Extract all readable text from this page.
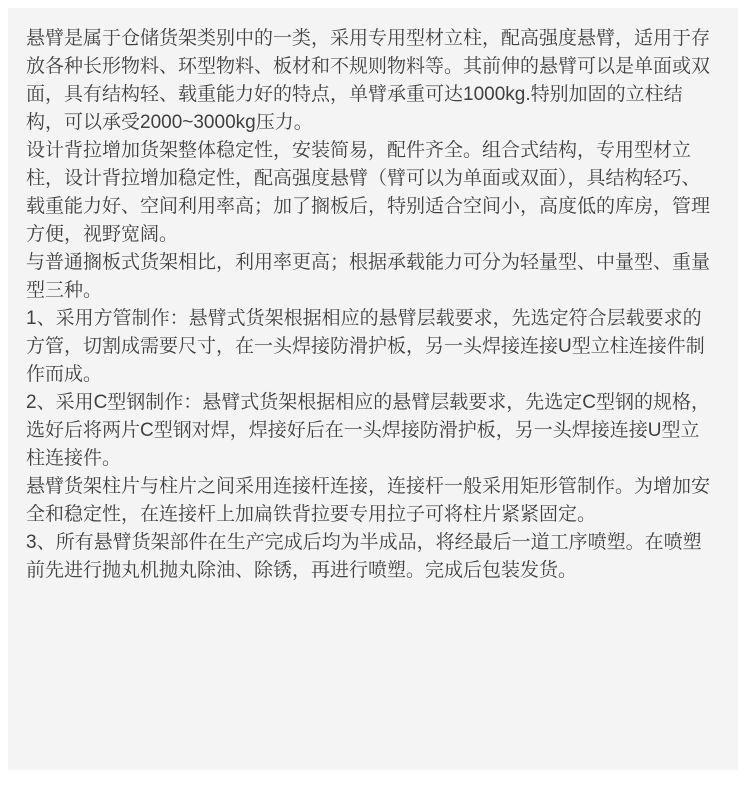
悬臂是属于仓储货架类别中的一类，采用专用型材立柱，配高强度悬臂，适用于存放各种长形物料、环型物料、板材和不规则物料等。其前伸的悬臂可以是单面或双面，具有结构轻、载重能力好的特点，单臂承重可达1000kg.特别加固的立柱结构，可以承受2000~3000kg压力。

设计背拉增加货架整体稳定性，安装简易，配件齐全。组合式结构，专用型材立柱，设计背拉增加稳定性，配高强度悬臂（臂可以为单面或双面），具结构轻巧、载重能力好、空间利用率高；加了搁板后，特别适合空间小，高度低的库房，管理方便，视野宽阔。

与普通搁板式货架相比，利用率更高；根据承载能力可分为轻量型、中量型、重量型三种。

1、采用方管制作：悬臂式货架根据相应的悬臂层载要求，先选定符合层载要求的方管，切割成需要尺寸，在一头焊接防滑护板，另一头焊接连接U型立柱连接件制作而成。

2、采用C型钢制作：悬臂式货架根据相应的悬臂层载要求，先选定C型钢的规格，选好后将两片C型钢对焊，焊接好后在一头焊接防滑护板，另一头焊接连接U型立柱连接件。

悬臂货架柱片与柱片之间采用连接杆连接，连接杆一般采用矩形管制作。为增加安全和稳定性，在连接杆上加扁铁背拉要专用拉子可将柱片紧紧固定。

3、所有悬臂货架部件在生产完成后均为半成品，将经最后一道工序喷塑。在喷塑前先进行抛丸机抛丸除油、除锈，再进行喷塑。完成后包装发货。
